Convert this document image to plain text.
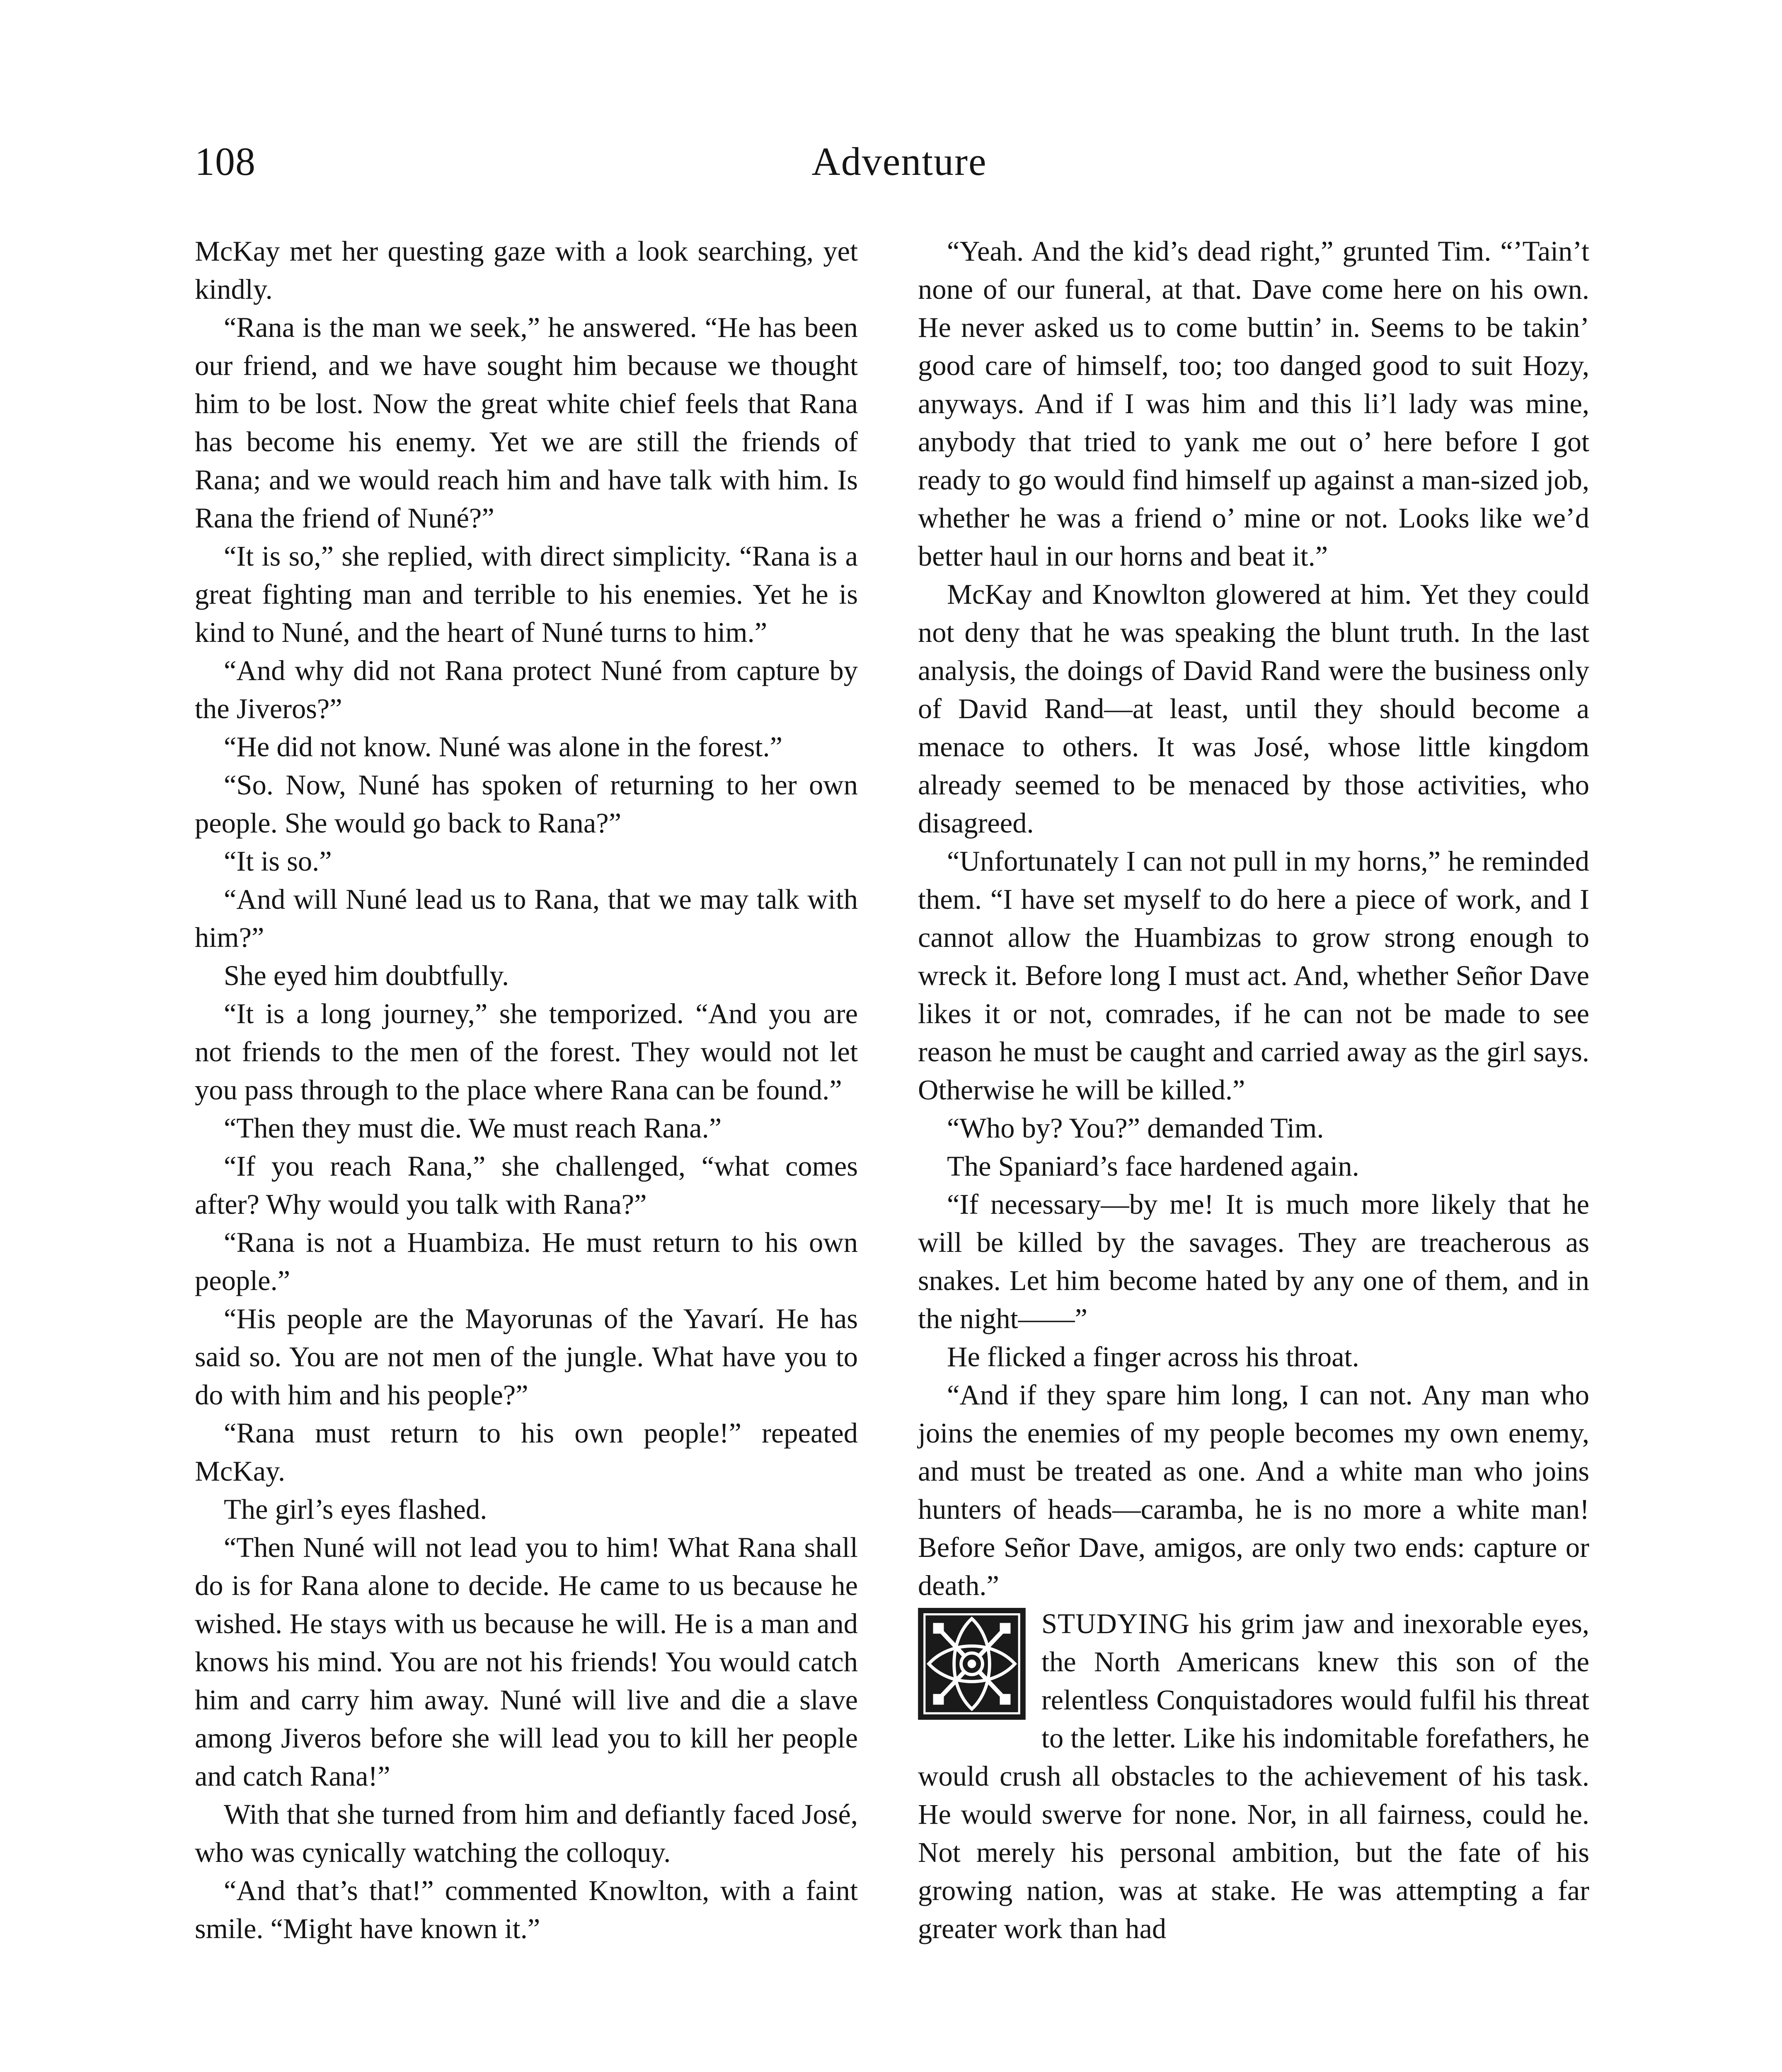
108	Adventure

McKay met her questing gaze with a look searching, yet kindly.

“Rana is the man we seek,” he answered. “He has been our friend, and we have sought him because we thought him to be lost. Now the great white chief feels that Rana has become his enemy. Yet we are still the friends of Rana; and we would reach him and have talk with him. Is Rana the friend of Nuné?”

“It is so,” she replied, with direct simplicity. “Rana is a great fighting man and terrible to his enemies. Yet he is kind to Nuné, and the heart of Nuné turns to him.”

“And why did not Rana protect Nuné from capture by the Jiveros?”

“He did not know. Nuné was alone in the forest.”

“So. Now, Nuné has spoken of returning to her own people. She would go back to Rana?”

“It is so.”

“And will Nuné lead us to Rana, that we may talk with him?”

She eyed him doubtfully.

“It is a long journey,” she temporized. “And you are not friends to the men of the forest. They would not let you pass through to the place where Rana can be found.”

“Then they must die. We must reach Rana.”

“If you reach Rana,” she challenged, “what comes after? Why would you talk with Rana?”

“Rana is not a Huambiza. He must return to his own people.”

“His people are the Mayorunas of the Yavarí. He has said so. You are not men of the jungle. What have you to do with him and his people?”

“Rana must return to his own people!” repeated McKay.

The girl’s eyes flashed.

“Then Nuné will not lead you to him! What Rana shall do is for Rana alone to decide. He came to us because he wished. He stays with us because he will. He is a man and knows his mind. You are not his friends! You would catch him and carry him away. Nuné will live and die a slave among Jiveros before she will lead you to kill her people and catch Rana!”

With that she turned from him and defiantly faced José, who was cynically watching the colloquy.

“And that’s that!” commented Knowlton, with a faint smile. “Might have known it.”

“Yeah. And the kid’s dead right,” grunted Tim. “’Tain’t none of our funeral, at that. Dave come here on his own. He never asked us to come buttin’ in. Seems to be takin’ good care of himself, too; too danged good to suit Hozy, anyways. And if I was him and this li’l lady was mine, anybody that tried to yank me out o’ here before I got ready to go would find himself up against a man-sized job, whether he was a friend o’ mine or not. Looks like we’d better haul in our horns and beat it.”

McKay and Knowlton glowered at him. Yet they could not deny that he was speaking the blunt truth. In the last analysis, the doings of David Rand were the business only of David Rand—at least, until they should become a menace to others. It was José, whose little kingdom already seemed to be menaced by those activities, who disagreed.

“Unfortunately I can not pull in my horns,” he reminded them. “I have set myself to do here a piece of work, and I cannot allow the Huambizas to grow strong enough to wreck it. Before long I must act. And, whether Señor Dave likes it or not, comrades, if he can not be made to see reason he must be caught and carried away as the girl says. Otherwise he will be killed.”

“Who by? You?” demanded Tim.

The Spaniard’s face hardened again.

“If necessary—by me! It is much more likely that he will be killed by the savages. They are treacherous as snakes. Let him become hated by any one of them, and in the night——”

He flicked a finger across his throat.

“And if they spare him long, I can not. Any man who joins the enemies of my people becomes my own enemy, and must be treated as one. And a white man who joins hunters of heads—caramba, he is no more a white man! Before Señor Dave, amigos, are only two ends: capture or death.”

STUDYING his grim jaw and inexorable eyes, the North Americans knew this son of the relentless Conquistadores would fulfil his threat to the letter. Like his indomitable forefathers, he would crush all obstacles to the achievement of his task. He would swerve for none. Nor, in all fairness, could he. Not merely his personal ambition, but the fate of his growing nation, was at stake. He was attempting a far greater work than had
